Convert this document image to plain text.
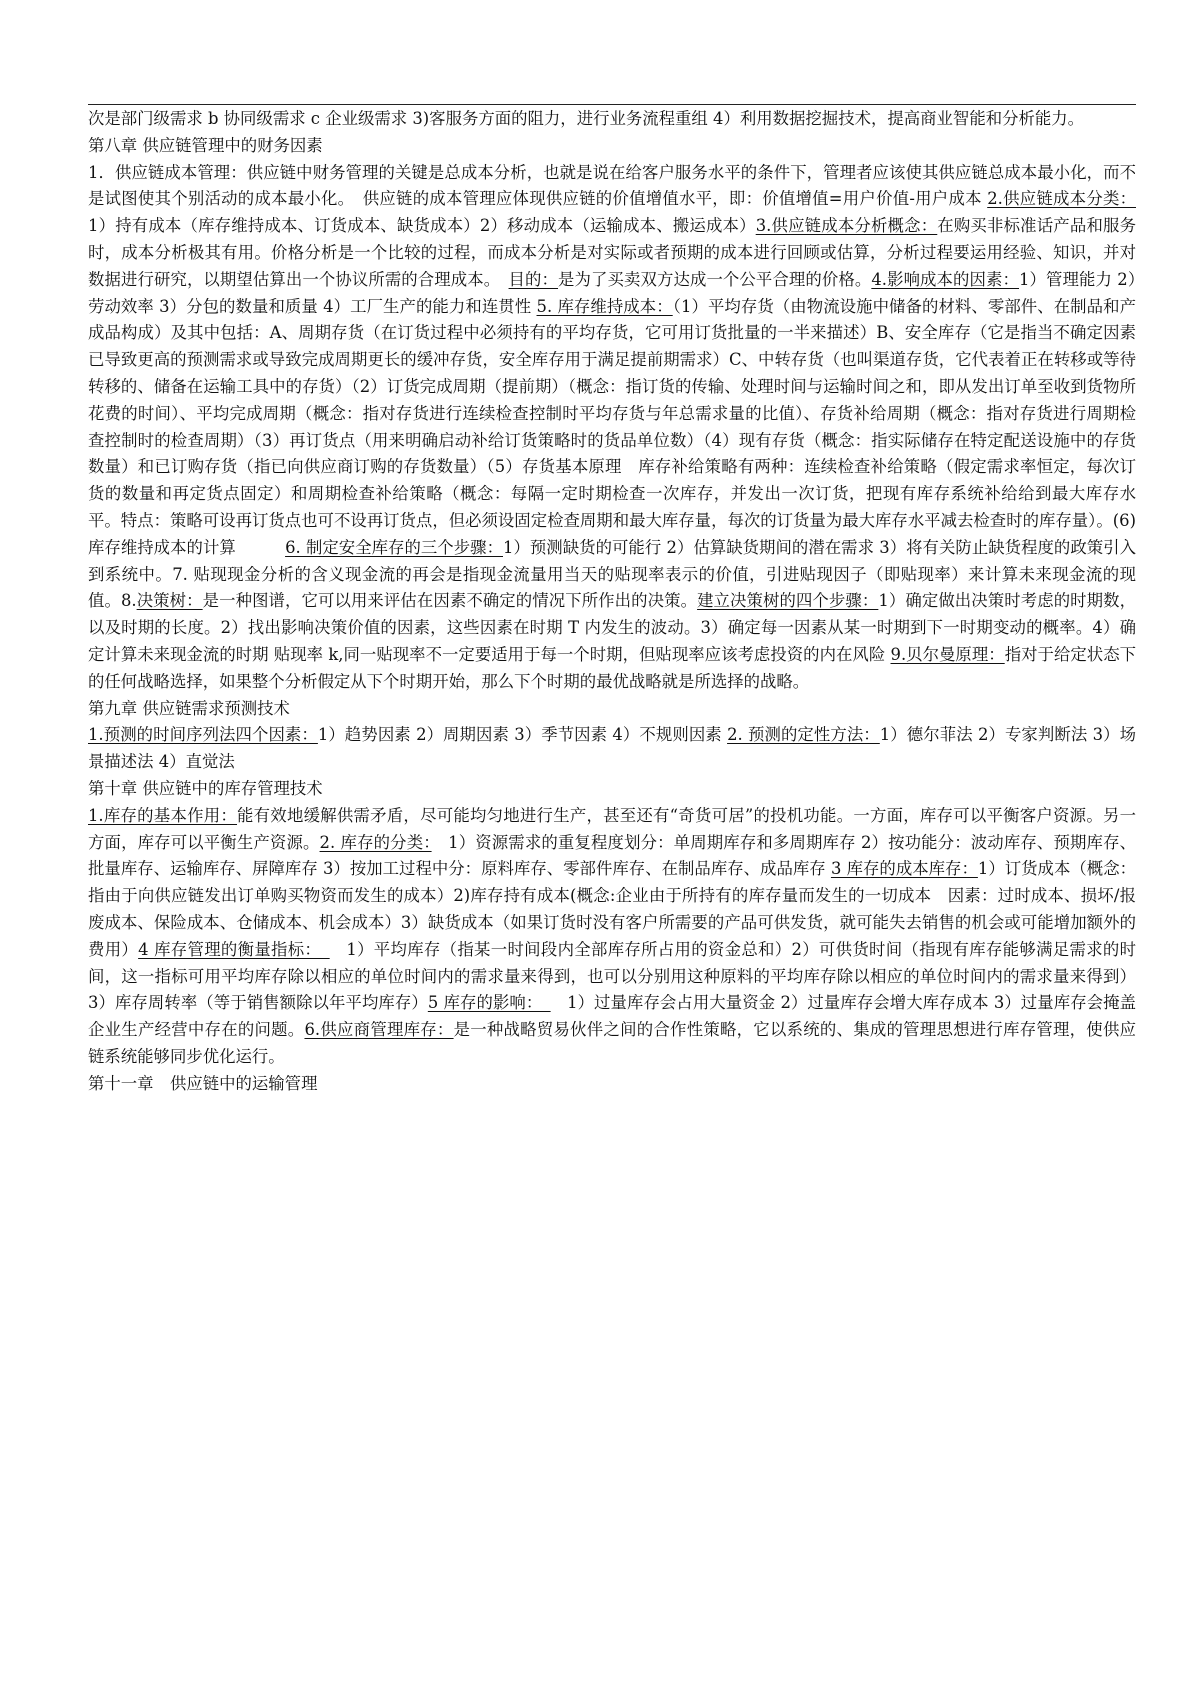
次是部门级需求 b 协同级需求 c 企业级需求 3)客服务方面的阻力，进行业务流程重组 4）利用数据挖掘技术，提高商业智能和分析能力。
第八章 供应链管理中的财务因素
1．供应链成本管理：供应链中财务管理的关键是总成本分析，也就是说在给客户服务水平的条件下，管理者应该使其供应链总成本最小化，而不是试图使其个别活动的成本最小化。　供应链的成本管理应体现供应链的价值增值水平，即：价值增值=用户价值-用户成本 2.供应链成本分类：1）持有成本（库存维持成本、订货成本、缺货成本）2）移动成本（运输成本、搬运成本）3.供应链成本分析概念：在购买非标准话产品和服务时，成本分析极其有用。价格分析是一个比较的过程，而成本分析是对实际或者预期的成本进行回顾或估算，分析过程要运用经验、知识，并对数据进行研究，以期望估算出一个协议所需的合理成本。　目的：是为了买卖双方达成一个公平合理的价格。4.影响成本的因素：1）管理能力 2）劳动效率 3）分包的数量和质量 4）工厂生产的能力和连贯性 5. 库存维持成本：（1）平均存货（由物流设施中储备的材料、零部件、在制品和产成品构成）及其中包括：A、周期存货（在订货过程中必须持有的平均存货，它可用订货批量的一半来描述）B、安全库存（它是指当不确定因素已导致更高的预测需求或导致完成周期更长的缓冲存货，安全库存用于满足提前期需求）C、中转存货（也叫渠道存货，它代表着正在转移或等待转移的、储备在运输工具中的存货）（2）订货完成周期（提前期）（概念：指订货的传输、处理时间与运输时间之和，即从发出订单至收到货物所花费的时间）、平均完成周期（概念：指对存货进行连续检查控制时平均存货与年总需求量的比值）、存货补给周期（概念：指对存货进行周期检查控制时的检查周期）（3）再订货点（用来明确启动补给订货策略时的货品单位数）（4）现有存货（概念：指实际储存在特定配送设施中的存货数量）和已订购存货（指已向供应商订购的存货数量）（5）存货基本原理　库存补给策略有两种：连续检查补给策略（假定需求率恒定，每次订货的数量和再定货点固定）和周期检查补给策略（概念：每隔一定时期检查一次库存，并发出一次订货，把现有库存系统补给给到最大库存水平。特点：策略可设再订货点也可不设再订货点，但必须设固定检查周期和最大库存量，每次的订货量为最大库存水平减去检查时的库存量）。(6)库存维持成本的计算　　　6. 制定安全库存的三个步骤：1）预测缺货的可能行 2）估算缺货期间的潜在需求 3）将有关防止缺货程度的政策引入到系统中。7. 贴现现金分析的含义现金流的再会是指现金流量用当天的贴现率表示的价值，引进贴现因子（即贴现率）来计算未来现金流的现值。8.决策树：是一种图谱，它可以用来评估在因素不确定的情况下所作出的决策。建立决策树的四个步骤：1）确定做出决策时考虑的时期数，以及时期的长度。2）找出影响决策价值的因素，这些因素在时期 T 内发生的波动。3）确定每一因素从某一时期到下一时期变动的概率。4）确定计算未来现金流的时期 贴现率 k,同一贴现率不一定要适用于每一个时期，但贴现率应该考虑投资的内在风险 9.贝尔曼原理：指对于给定状态下的任何战略选择，如果整个分析假定从下个时期开始，那么下个时期的最优战略就是所选择的战略。
第九章 供应链需求预测技术
1.预测的时间序列法四个因素：1）趋势因素 2）周期因素 3）季节因素 4）不规则因素 2. 预测的定性方法：1）德尔菲法 2）专家判断法 3）场景描述法 4）直觉法
第十章 供应链中的库存管理技术
1.库存的基本作用：能有效地缓解供需矛盾，尽可能均匀地进行生产，甚至还有“奇货可居”的投机功能。一方面，库存可以平衡客户资源。另一方面，库存可以平衡生产资源。2. 库存的分类：　1）资源需求的重复程度划分：单周期库存和多周期库存 2）按功能分：波动库存、预期库存、批量库存、运输库存、屏障库存 3）按加工过程中分：原料库存、零部件库存、在制品库存、成品库存 3 库存的成本库存：1）订货成本（概念：指由于向供应链发出订单购买物资而发生的成本）2)库存持有成本(概念:企业由于所持有的库存量而发生的一切成本　因素：过时成本、损坏/报废成本、保险成本、仓储成本、机会成本）3）缺货成本（如果订货时没有客户所需要的产品可供发货，就可能失去销售的机会或可能增加额外的费用）4 库存管理的衡量指标：　　1）平均库存（指某一时间段内全部库存所占用的资金总和）2）可供货时间（指现有库存能够满足需求的时间，这一指标可用平均库存除以相应的单位时间内的需求量来得到，也可以分别用这种原料的平均库存除以相应的单位时间内的需求量来得到）3）库存周转率（等于销售额除以年平均库存）5 库存的影响：　　1）过量库存会占用大量资金 2）过量库存会增大库存成本 3）过量库存会掩盖企业生产经营中存在的问题。6.供应商管理库存：是一种战略贸易伙伴之间的合作性策略，它以系统的、集成的管理思想进行库存管理，使供应链系统能够同步优化运行。
第十一章　供应链中的运输管理
